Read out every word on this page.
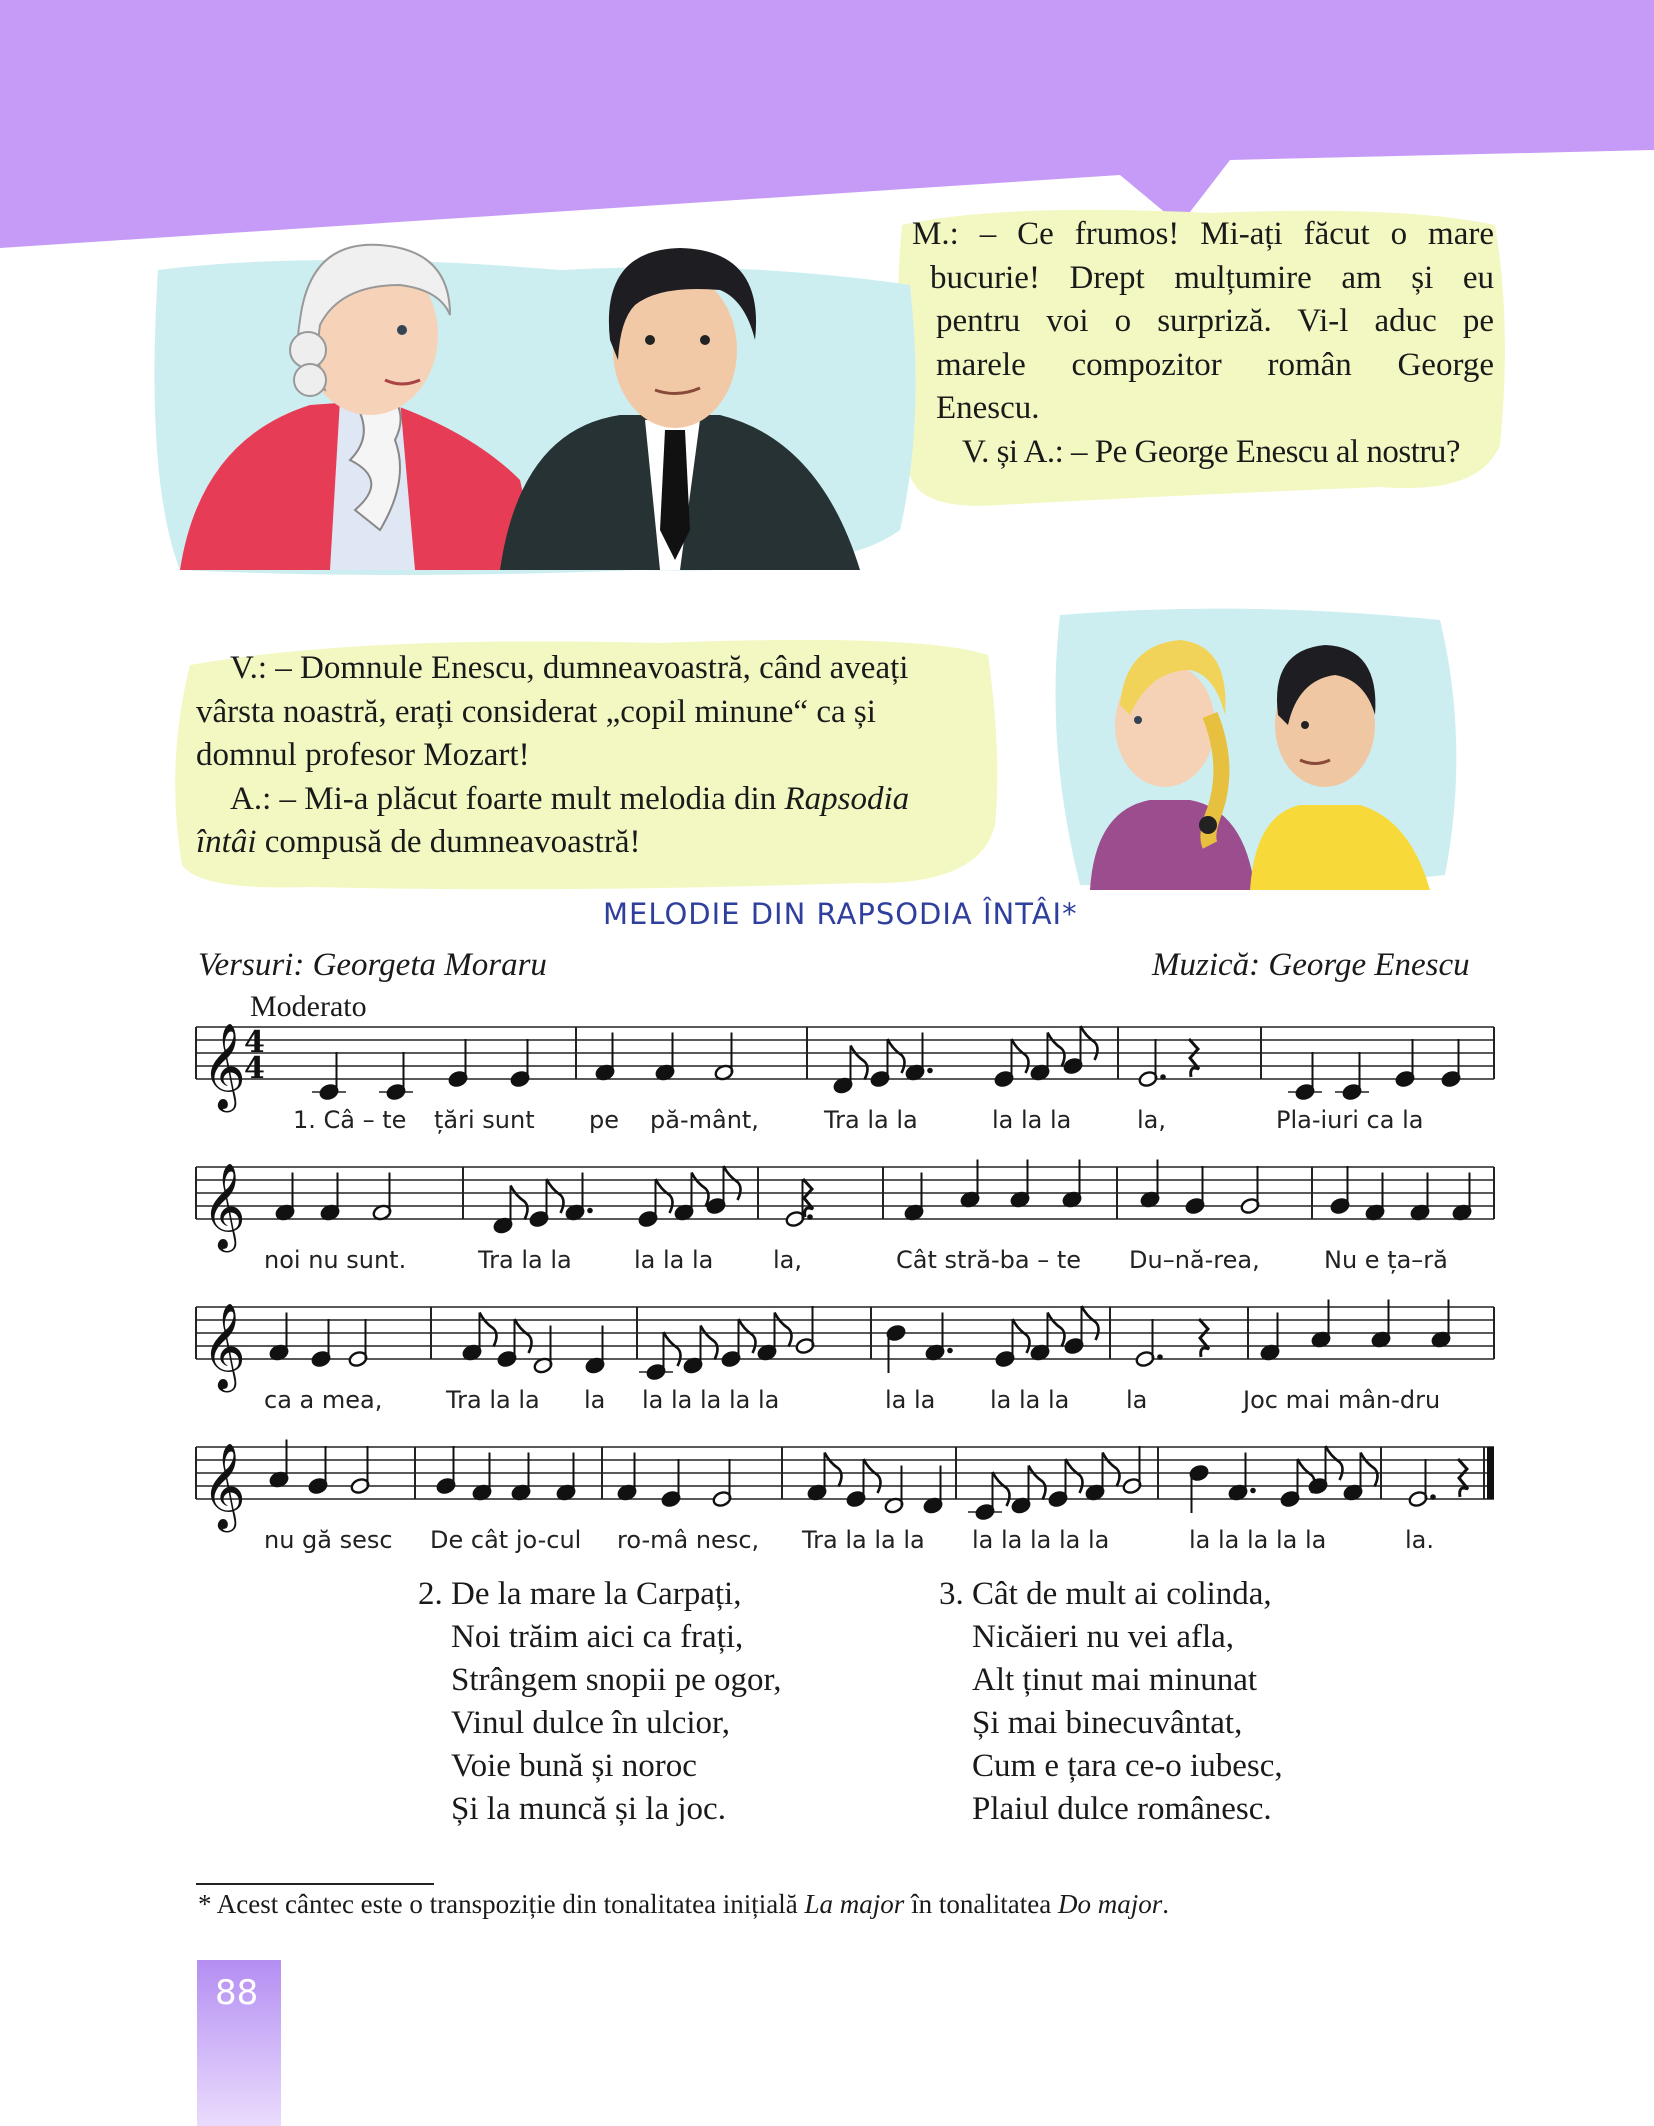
M.: – Ce frumos! Mi-ați făcut o mare
bucurie! Drept mulțumire am și eu
pentru voi o surpriză. Vi-l aduc pe
marele compozitor român George
Enescu.
V. și A.: – Pe George Enescu al nostru?
V.: – Domnule Enescu, dumneavoastră, când aveați
vârsta noastră, erați considerat „copil minune“ ca și
domnul profesor Mozart!
A.: – Mi-a plăcut foarte mult melodia din Rapsodia
întâi compusă de dumneavoastră!
MELODIE DIN RAPSODIA ÎNTÂI*
Versuri: Georgeta Moraru	Muzică: George Enescu
Moderato
𝄞
4
4
𝄞
𝄞
𝄞
1. Câ – te țări sunt pe pă-mânt,	Tra la la	la la la	la,	Pla-iuri ca la
noi nu sunt.	Tra la la	la la la la,	Cât stră-ba – te Du–nă-rea,	Nu e ța–ră
ca a mea,	Tra la la la la la la la la	la la la la la la	Joc mai mân-dru
nu gă sesc De cât jo-cul ro-mâ nesc, Tra la la la la la la la la	la la la la la	la.
2. De la mare la Carpați,
Noi trăim aici ca frați,
Strângem snopii pe ogor,
Vinul dulce în ulcior,
Voie bună și noroc
Și la muncă și la joc.
3. Cât de mult ai colinda,
Nicăieri nu vei afla,
Alt ținut mai minunat
Și mai binecuvântat,
Cum e țara ce-o iubesc,
Plaiul dulce românesc.
* Acest cântec este o transpoziție din tonalitatea inițială La major în tonalitatea Do major.
88
